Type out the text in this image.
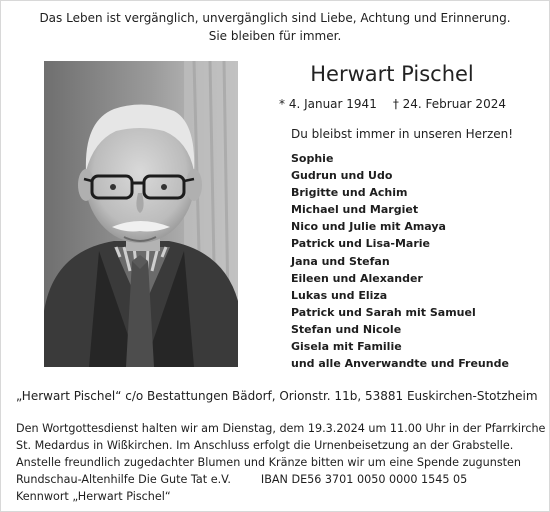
Das Leben ist vergänglich, unvergänglich sind Liebe, Achtung und Erinnerung.
Sie bleiben für immer.
Herwart Pischel
* 4. Januar 1941 † 24. Februar 2024
Du bleibst immer in unseren Herzen!
Sophie
Gudrun und Udo
Brigitte und Achim
Michael und Margiet
Nico und Julie mit Amaya
Patrick und Lisa-Marie
Jana und Stefan
Eileen und Alexander
Lukas und Eliza
Patrick und Sarah mit Samuel
Stefan und Nicole
Gisela mit Familie
und alle Anverwandte und Freunde
„Herwart Pischel“ c/o Bestattungen Bädorf, Orionstr. 11b, 53881 Euskirchen-Stotzheim
Den Wortgottesdienst halten wir am Dienstag, dem 19.3.2024 um 11.00 Uhr in der Pfarrkirche
St. Medardus in Wißkirchen. Im Anschluss erfolgt die Urnenbeisetzung an der Grabstelle.
Anstelle freundlich zugedachter Blumen und Kränze bitten wir um eine Spende zugunsten
Rundschau-Altenhilfe Die Gute Tat e.V.	IBAN DE56 3701 0050 0000 1545 05
Kennwort „Herwart Pischel“
